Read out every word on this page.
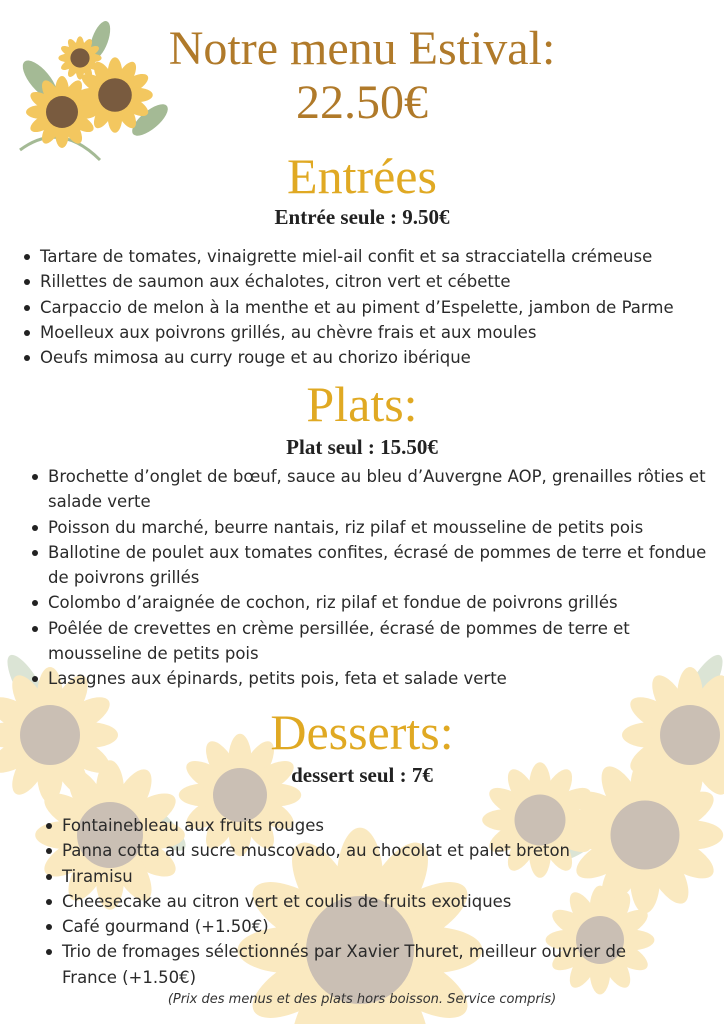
Notre menu Estival:
22.50€
Entrées
Entrée seule : 9.50€
Tartare de tomates, vinaigrette miel-ail confit et sa stracciatella crémeuse
Rillettes de saumon aux échalotes, citron vert et cébette
Carpaccio de melon à la menthe et au piment d’Espelette, jambon de Parme
Moelleux aux poivrons grillés, au chèvre frais et aux moules
Oeufs mimosa au curry rouge et au chorizo ibérique
Plats:
Plat seul : 15.50€
Brochette d’onglet de bœuf, sauce au bleu d’Auvergne AOP, grenailles rôties et salade verte
Poisson du marché, beurre nantais, riz pilaf et mousseline de petits pois
Ballotine de poulet aux tomates confites, écrasé de pommes de terre et fondue de poivrons grillés
Colombo d’araignée de cochon, riz pilaf et fondue de poivrons grillés
Poêlée de crevettes en crème persillée, écrasé de pommes de terre et mousseline de petits pois
Lasagnes aux épinards, petits pois, feta et salade verte
Desserts:
dessert seul : 7€
Fontainebleau aux fruits rouges
Panna cotta au sucre muscovado, au chocolat et palet breton
Tiramisu
Cheesecake au citron vert et coulis de fruits exotiques
Café gourmand (+1.50€)
Trio de fromages sélectionnés par Xavier Thuret, meilleur ouvrier de France (+1.50€)
(Prix des menus et des plats hors boisson. Service compris)
